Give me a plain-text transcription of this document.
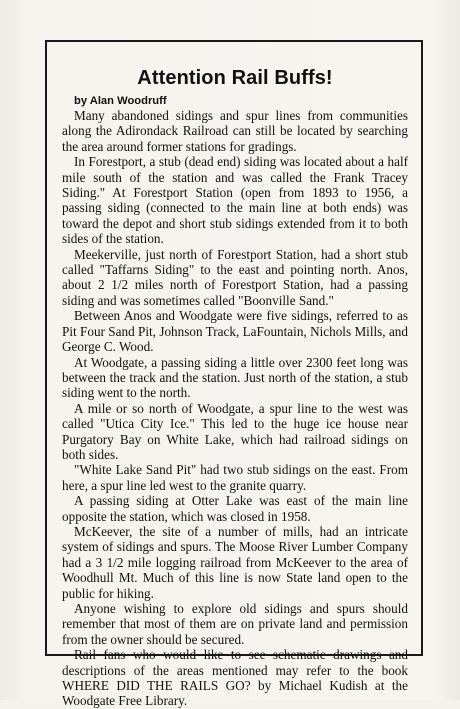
Attention Rail Buffs!
by Alan Woodruff

Many abandoned sidings and spur lines from communities along the Adirondack Railroad can still be located by searching the area around former stations for gradings.

In Forestport, a stub (dead end) siding was located about a half mile south of the station and was called the Frank Tracey Siding." At Forestport Station (open from 1893 to 1956, a passing siding (connected to the main line at both ends) was toward the depot and short stub sidings extended from it to both sides of the station.

Meekerville, just north of Forestport Station, had a short stub called "Taffarns Siding" to the east and pointing north. Anos, about 2 1/2 miles north of Forestport Station, had a passing siding and was sometimes called "Boonville Sand."

Between Anos and Woodgate were five sidings, referred to as Pit Four Sand Pit, Johnson Track, LaFountain, Nichols Mills, and George C. Wood.

At Woodgate, a passing siding a little over 2300 feet long was between the track and the station. Just north of the station, a stub siding went to the north.

A mile or so north of Woodgate, a spur line to the west was called "Utica City Ice." This led to the huge ice house near Purgatory Bay on White Lake, which had railroad sidings on both sides.

"White Lake Sand Pit" had two stub sidings on the east. From here, a spur line led west to the granite quarry.

A passing siding at Otter Lake was east of the main line opposite the station, which was closed in 1958.

McKeever, the site of a number of mills, had an intricate system of sidings and spurs. The Moose River Lumber Company had a 3 1/2 mile logging railroad from McKeever to the area of Woodhull Mt. Much of this line is now State land open to the public for hiking.

Anyone wishing to explore old sidings and spurs should remember that most of them are on private land and permission from the owner should be secured.

Rail fans who would like to see schematic drawings and descriptions of the areas mentioned may refer to the book WHERE DID THE RAILS GO? by Michael Kudish at the Woodgate Free Library.
